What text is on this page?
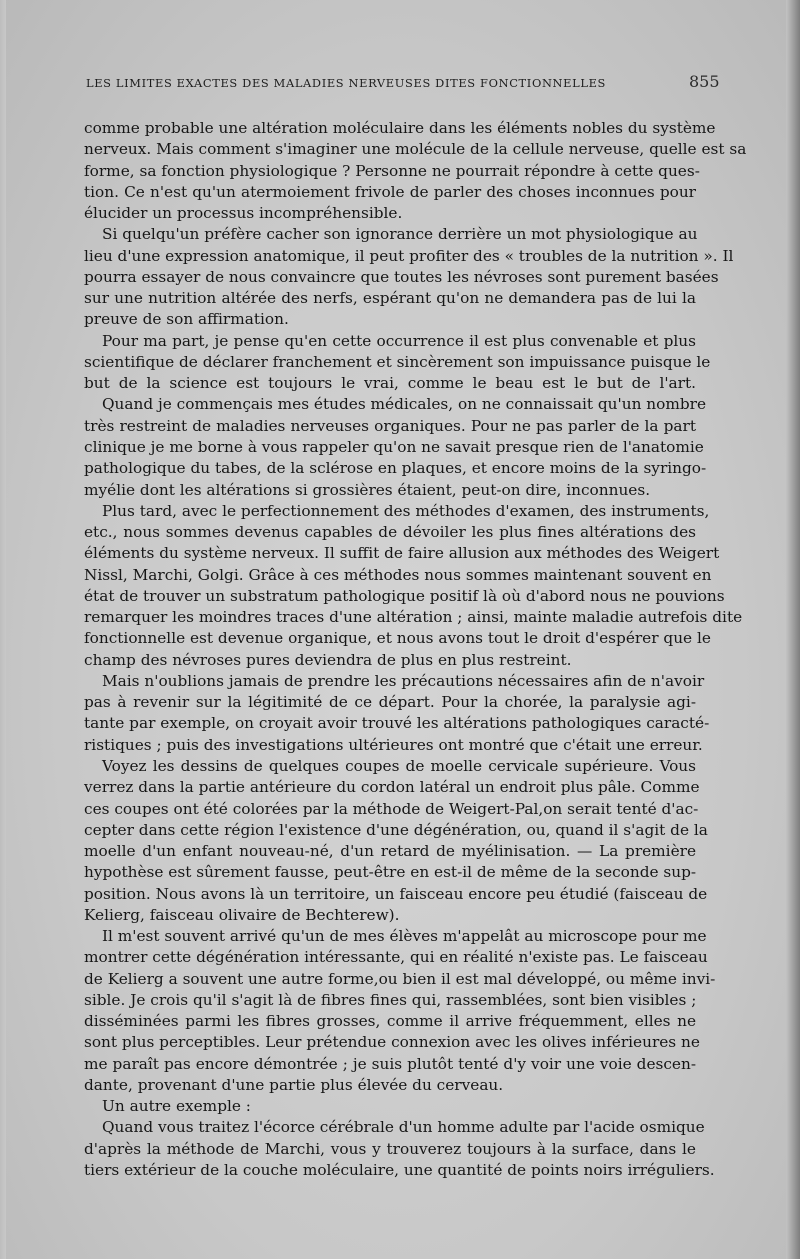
LES LIMITES EXACTES DES MALADIES NERVEUSES DITES FONCTIONNELLES	855
comme probable une altération moléculaire dans les éléments nobles du système
nerveux. Mais comment s'imaginer une molécule de la cellule nerveuse, quelle est sa
forme, sa fonction physiologique ? Personne ne pourrait répondre à cette ques-
tion. Ce n'est qu'un atermoiement frivole de parler des choses inconnues pour
élucider un processus incompréhensible.
Si quelqu'un préfère cacher son ignorance derrière un mot physiologique au
lieu d'une expression anatomique, il peut profiter des « troubles de la nutrition ». Il
pourra essayer de nous convaincre que toutes les névroses sont purement basées
sur une nutrition altérée des nerfs, espérant qu'on ne demandera pas de lui la
preuve de son affirmation.
Pour ma part, je pense qu'en cette occurrence il est plus convenable et plus
scientifique de déclarer franchement et sincèrement son impuissance puisque le
but de la science est toujours le vrai, comme le beau est le but de l'art.
Quand je commençais mes études médicales, on ne connaissait qu'un nombre
très restreint de maladies nerveuses organiques. Pour ne pas parler de la part
clinique je me borne à vous rappeler qu'on ne savait presque rien de l'anatomie
pathologique du tabes, de la sclérose en plaques, et encore moins de la syringo-
myélie dont les altérations si grossières étaient, peut-on dire, inconnues.
Plus tard, avec le perfectionnement des méthodes d'examen, des instruments,
etc., nous sommes devenus capables de dévoiler les plus fines altérations des
éléments du système nerveux. Il suffit de faire allusion aux méthodes des Weigert
Nissl, Marchi, Golgi. Grâce à ces méthodes nous sommes maintenant souvent en
état de trouver un substratum pathologique positif là où d'abord nous ne pouvions
remarquer les moindres traces d'une altération ; ainsi, mainte maladie autrefois dite
fonctionnelle est devenue organique, et nous avons tout le droit d'espérer que le
champ des névroses pures deviendra de plus en plus restreint.
Mais n'oublions jamais de prendre les précautions nécessaires afin de n'avoir
pas à revenir sur la légitimité de ce départ. Pour la chorée, la paralysie agi-
tante par exemple, on croyait avoir trouvé les altérations pathologiques caracté-
ristiques ; puis des investigations ultérieures ont montré que c'était une erreur.
Voyez les dessins de quelques coupes de moelle cervicale supérieure. Vous
verrez dans la partie antérieure du cordon latéral un endroit plus pâle. Comme
ces coupes ont été colorées par la méthode de Weigert-Pal,on serait tenté d'ac-
cepter dans cette région l'existence d'une dégénération, ou, quand il s'agit de la
moelle d'un enfant nouveau-né, d'un retard de myélinisation. — La première
hypothèse est sûrement fausse, peut-être en est-il de même de la seconde sup-
position. Nous avons là un territoire, un faisceau encore peu étudié (faisceau de
Kelierg, faisceau olivaire de Bechterew).
Il m'est souvent arrivé qu'un de mes élèves m'appelât au microscope pour me
montrer cette dégénération intéressante, qui en réalité n'existe pas. Le faisceau
de Kelierg a souvent une autre forme,ou bien il est mal développé, ou même invi-
sible. Je crois qu'il s'agit là de fibres fines qui, rassemblées, sont bien visibles ;
disséminées parmi les fibres grosses, comme il arrive fréquemment, elles ne
sont plus perceptibles. Leur prétendue connexion avec les olives inférieures ne
me paraît pas encore démontrée ; je suis plutôt tenté d'y voir une voie descen-
dante, provenant d'une partie plus élevée du cerveau.
Un autre exemple :
Quand vous traitez l'écorce cérébrale d'un homme adulte par l'acide osmique
d'après la méthode de Marchi, vous y trouverez toujours à la surface, dans le
tiers extérieur de la couche moléculaire, une quantité de points noirs irréguliers.
